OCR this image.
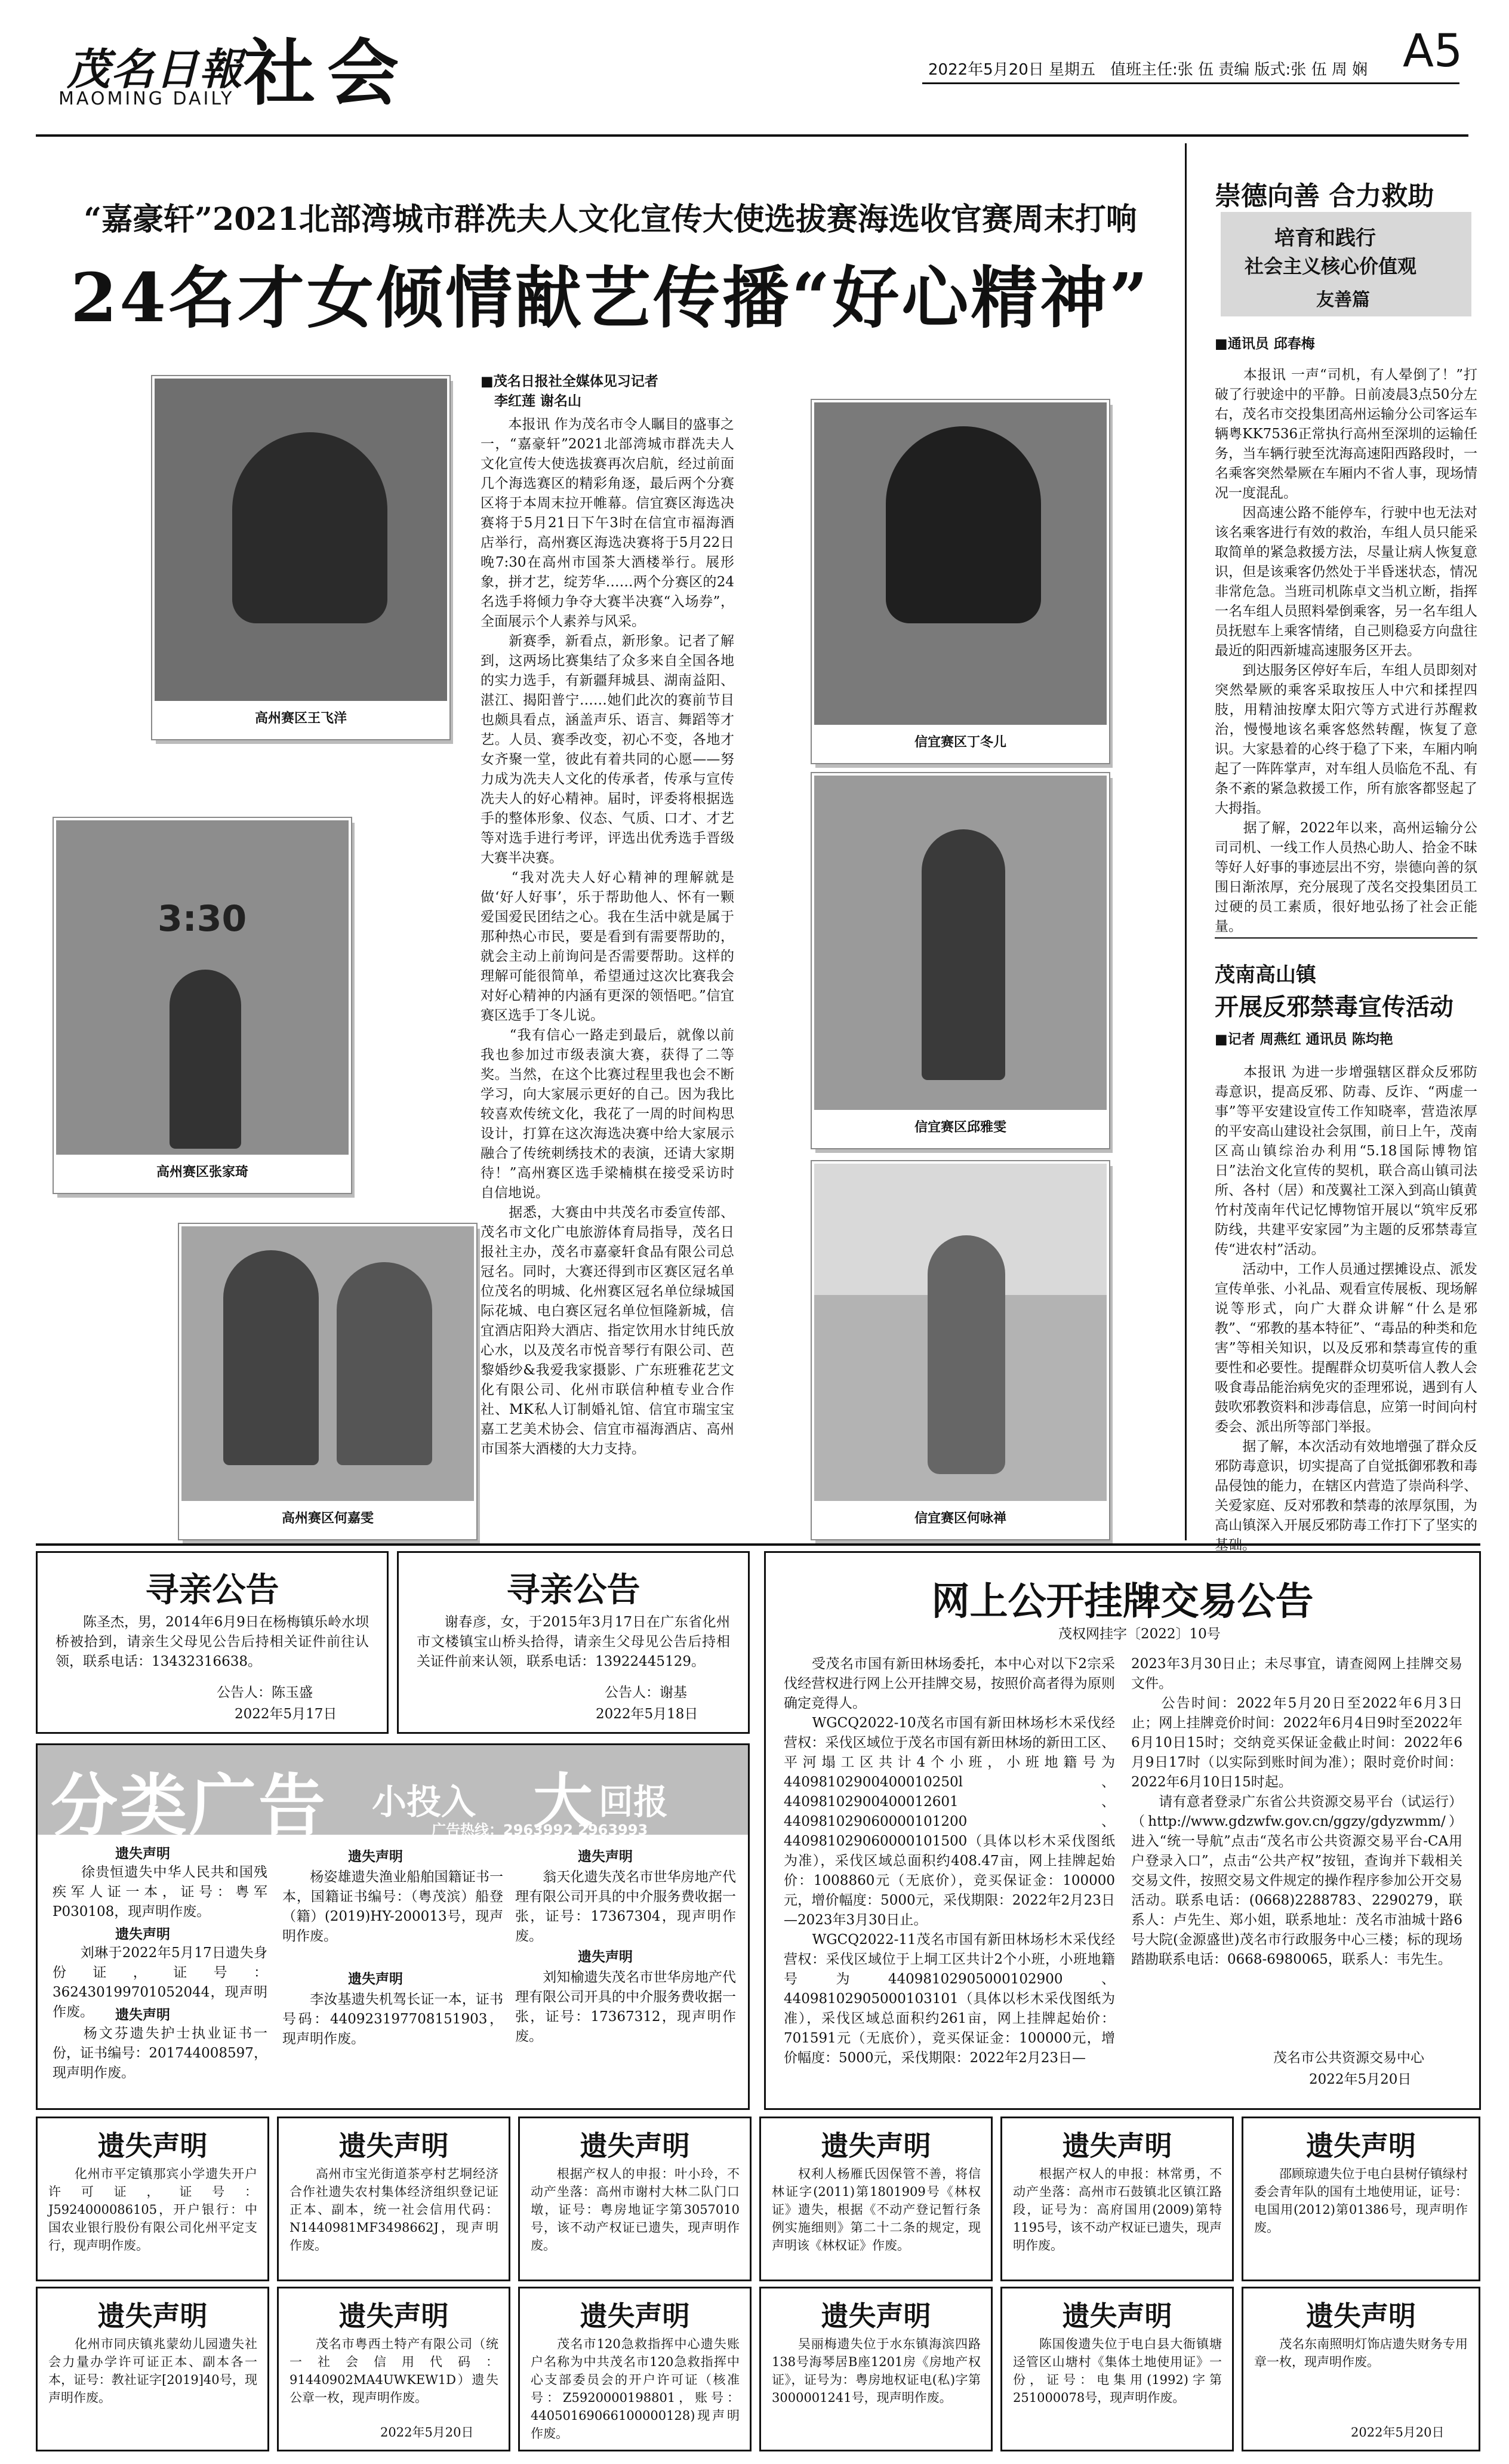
茂名日報
MAOMING DAILY 社会	2022年5月20日 星期五 值班主任:张 伍 责编 版式:张 伍 周 娴 A5
“嘉豪轩”2021北部湾城市群冼夫人文化宣传大使选拔赛海选收官赛周末打响
24名才女倾情献艺传播“好心精神”
高州赛区王飞洋
信宜赛区丁冬儿
3:30
高州赛区张家琦
信宜赛区邱雅雯
高州赛区何嘉雯	信宜赛区何咏禅
■茂名日报社全媒体见习记者
　李红莲 谢名山
　　本报讯 作为茂名市令人瞩目的盛事之一，“嘉豪轩”2021北部湾城市群冼夫人文化宣传大使选拔赛再次启航，经过前面几个海选赛区的精彩角逐，最后两个分赛区将于本周末拉开帷幕。信宜赛区海选决赛将于5月21日下午3时在信宜市福海酒店举行，高州赛区海选决赛将于5月22日晚7:30在高州市国茶大酒楼举行。展形象，拼才艺，绽芳华……两个分赛区的24名选手将倾力争夺大赛半决赛“入场券”，全面展示个人素养与风采。
　　新赛季，新看点，新形象。记者了解到，这两场比赛集结了众多来自全国各地的实力选手，有新疆拜城县、湖南益阳、湛江、揭阳普宁……她们此次的赛前节目也颇具看点，涵盖声乐、语言、舞蹈等才艺。人员、赛季改变，初心不变，各地才女齐聚一堂，彼此有着共同的心愿——努力成为冼夫人文化的传承者，传承与宣传冼夫人的好心精神。届时，评委将根据选手的整体形象、仪态、气质、口才、才艺等对选手进行考评，评选出优秀选手晋级大赛半决赛。
　　“我对冼夫人好心精神的理解就是做‘好人好事’，乐于帮助他人、怀有一颗爱国爱民团结之心。我在生活中就是属于那种热心市民，要是看到有需要帮助的，就会主动上前询问是否需要帮助。这样的理解可能很简单，希望通过这次比赛我会对好心精神的内涵有更深的领悟吧。”信宜赛区选手丁冬儿说。
　　“我有信心一路走到最后，就像以前我也参加过市级表演大赛，获得了二等奖。当然，在这个比赛过程里我也会不断学习，向大家展示更好的自己。因为我比较喜欢传统文化，我花了一周的时间构思设计，打算在这次海选决赛中给大家展示融合了传统刺绣技术的表演，还请大家期待！”高州赛区选手梁楠棋在接受采访时自信地说。
　　据悉，大赛由中共茂名市委宣传部、茂名市文化广电旅游体育局指导，茂名日报社主办，茂名市嘉豪轩食品有限公司总冠名。同时，大赛还得到市区赛区冠名单位茂名的明城、化州赛区冠名单位绿城国际花城、电白赛区冠名单位恒隆新城，信宜酒店阳羚大酒店、指定饮用水甘纯氏放心水，以及茂名市悦音琴行有限公司、芭黎婚纱&我爱我家摄影、广东班雅花艺文化有限公司、化州市联信种植专业合作社、MK私人订制婚礼馆、信宜市瑞宝宝嘉工艺美术协会、信宜市福海酒店、高州市国茶大酒楼的大力支持。
崇德向善 合力救助
培育和践行
社会主义核心价值观
友善篇
■通讯员 邱春梅
　　本报讯 一声“司机，有人晕倒了！”打破了行驶途中的平静。日前凌晨3点50分左右，茂名市交投集团高州运输分公司客运车辆粤KK7536正常执行高州至深圳的运输任务，当车辆行驶至沈海高速阳西路段时，一名乘客突然晕厥在车厢内不省人事，现场情况一度混乱。
　　因高速公路不能停车，行驶中也无法对该名乘客进行有效的救治，车组人员只能采取简单的紧急救援方法，尽量让病人恢复意识，但是该乘客仍然处于半昏迷状态，情况非常危急。当班司机陈卓文当机立断，指挥一名车组人员照料晕倒乘客，另一名车组人员抚慰车上乘客情绪，自己则稳妥方向盘往最近的阳西新墟高速服务区开去。
　　到达服务区停好车后，车组人员即刻对突然晕厥的乘客采取按压人中穴和揉捏四肢，用精油按摩太阳穴等方式进行苏醒救治，慢慢地该名乘客悠然转醒，恢复了意识。大家悬着的心终于稳了下来，车厢内响起了一阵阵掌声，对车组人员临危不乱、有条不紊的紧急救援工作，所有旅客都竖起了大拇指。
　　据了解，2022年以来，高州运输分公司司机、一线工作人员热心助人、拾金不昧等好人好事的事迹层出不穷，崇德向善的氛围日渐浓厚，充分展现了茂名交投集团员工过硬的员工素质，很好地弘扬了社会正能量。
茂南高山镇
开展反邪禁毒宣传活动
■记者 周燕红 通讯员 陈均艳
　　本报讯 为进一步增强辖区群众反邪防毒意识，提高反邪、防毒、反诈、“两虚一事”等平安建设宣传工作知晓率，营造浓厚的平安高山建设社会氛围，前日上午，茂南区高山镇综治办利用“5.18国际博物馆日”法治文化宣传的契机，联合高山镇司法所、各村（居）和茂翼社工深入到高山镇黄竹村茂南年代记忆博物馆开展以“筑牢反邪防线，共建平安家园”为主题的反邪禁毒宣传“进农村”活动。
　　活动中，工作人员通过摆摊设点、派发宣传单张、小礼品、观看宣传展板、现场解说等形式，向广大群众讲解“什么是邪教”、“邪教的基本特征”、“毒品的种类和危害”等相关知识，以及反邪和禁毒宣传的重要性和必要性。提醒群众切莫听信人教人会吸食毒品能治病免灾的歪理邪说，遇到有人鼓吹邪教资料和涉毒信息，应第一时间向村委会、派出所等部门举报。
　　据了解，本次活动有效地增强了群众反邪防毒意识，切实提高了自觉抵御邪教和毒品侵蚀的能力，在辖区内营造了崇尚科学、关爱家庭、反对邪教和禁毒的浓厚氛围，为高山镇深入开展反邪防毒工作打下了坚实的
寻亲公告
　　陈圣杰，男，2014年6月9日在杨梅镇乐岭水坝桥被拾到，请亲生父母见公告后持相关证件前往认领，联系电话：13432316638。
公告人：陈玉盛
2022年5月17日
寻亲公告
　　谢春彦，女，于2015年3月17日在广东省化州市文楼镇宝山桥头拾得，请亲生父母见公告后持相关证件前来认领，联系电话：13922445129。
公告人：谢基
2022年5月18日
网上公开挂牌交易公告
茂权网挂字〔2022〕10号
　　受茂名市国有新田林场委托，本中心对以下2宗采伐经营权进行网上公开挂牌交易，按照价高者得为原则确定竞得人。
　　WGCQ2022-10茂名市国有新田林场杉木采伐经营权：采伐区域位于茂名市国有新田林场的新田工区、平河塌工区共计4个小班，小班地籍号为44098102900400010250l、44098102900400012601、44098102906000010120​0、44098102906000010150​0（具体以杉木采伐图纸为准），采伐区域总面积约408.47亩，网上挂牌起始价：1008860元（无底价），竞买保证金：100000元，增价幅度：5000元，采伐期限：2022年2月23日—2023年3月30日止。
　　WGCQ2022-11茂名市国有新田林场杉木采伐经营权：采伐区域位于上垌工区共计2个小班，小班地籍号为44098102905000102900、44098102905000103101（具体以杉木采伐图纸为准），采伐区域总面积约261亩，网上挂牌起始价：701591元（无底价），竞买保证金：100000元，增价幅度：5000元，采伐期限：2022年2月23日—
2023年3月30日止；未尽事宜，请查阅网上挂牌交易文件。
　　公告时间：2022年5月20日至2022年6月3日止；网上挂牌竞价时间：2022年6月4日9时至2022年6月10日15时；交纳竞买保证金截止时间：2022年6月9日17时（以实际到账时间为准）；限时竞价时间：2022年6月10日15时起。
　　请有意者登录广东省公共资源交易平台（试运行）（http://www.gdzwfw.gov.cn/ggzy/gdyzwmm/）进入“统一导航”点击“茂名市公共资源交易平台-CA用户登录入口”，点击“公共产权”按钮，查询并下载相关交易文件，按照交易文件规定的操作程序参加公开交易活动。联系电话：(0668)2288783、2290279，联系人：卢先生、郑小姐，联系地址：茂名市油城十路6号大院(金源盛世)茂名市行政服务中心三楼；标的现场踏勘联系电话：0668-6980065，联系人：韦先生。
茂名市公共资源交易中心
2022年5月20日
分类广告 小投入 大 回报
广告热线：2963992 2963993
遗失声明
　　徐贵恒遗失中华人民共和国残疾军人证一本，证号：粤军P030108，现声明作废。
遗失声明
　　刘琳于2022年5月17日遗失身份证，证号：362430199701052044，现声明作废。	遗失声明
　　杨文芬遗失护士执业证书一份，证书编号：201744008597，现声明作废。
遗失声明
　　杨姿雄遗失渔业船舶国籍证书一本，国籍证书编号：（粤茂滨）船登（籍）(2019)HY-200013号，现声明作废。
遗失声明
　　李汝基遗失机驾长证一本，证书号码：440923197708151903，现声明作废。
遗失声明
　　翁天化遗失茂名市世华房地产代理有限公司开具的中介服务费收据一张，证号：17367304，现声明作废。
遗失声明
　　刘知榆遗失茂名市世华房地产代理有限公司开具的中介服务费收据一张，证号：17367312，现声明作废。
遗失声明
　　化州市平定镇那宾小学遗失开户许可证，证号：J5924000086105，开户银行：中国农业银行股份有限公司化州平定支行，现声明作废。
遗失声明
　　高州市宝光街道茶亭村艺垌经济合作社遗失农村集体经济组织登记证正本、副本，统一社会信用代码：N1440981MF3498662J，现声明作废。
遗失声明
　　根据产权人的申报：叶小玲，不动产坐落：高州市谢村大林二队门口墩，证号：粤房地证字第3057010号，该不动产权证已遗失，现声明作废。
遗失声明
　　权利人杨雁氏因保管不善，将信林证字(2011)第1801909号《林权证》遗失，根据《不动产登记暂行条例实施细则》第二十二条的规定，现声明该《林权证》作废。
遗失声明
　　根据产权人的申报：林常勇，不动产坐落：高州市石鼓镇北区镇江路段，证号为：高府国用(2009)第特1195号，该不动产权证已遗失，现声明作废。
遗失声明
　　邵顾琼遗失位于电白县树仔镇绿村委会青年队的国有土地使用证，证号：电国用(2012)第01386号，现声明作废。
遗失声明
　　化州市同庆镇兆蒙幼儿园遗失社会力量办学许可证正本、副本各一本，证号：教社证字[2019]40号，现声明作废。
遗失声明
　　茂名市粤西土特产有限公司（统一社会信用代码：91440902MA4UWKEW1D）遗失公章一枚，现声明作废。
2022年5月20日
遗失声明
　　茂名市120急救指挥中心遗失账户名称为中共茂名市120急救指挥中心支部委员会的开户许可证（核准号：Z5920000198801，账号：44050169066100000128)现声明作废。
遗失声明
　　吴丽梅遗失位于水东镇海滨四路138号海琴居B座1201房《房地产权证》，证号为：粤房地权证电(私)字第3000001241号，现声明作废。
遗失声明
　　陈国俊遗失位于电白县大衙镇塘迳管区山塘村《集体土地使用证》一份，证号：电集用(1992)字第251000078号，现声明作废。
遗失声明
　　茂名东南照明灯饰店遗失财务专用章一枚，现声明作废。
2022年5月20日
